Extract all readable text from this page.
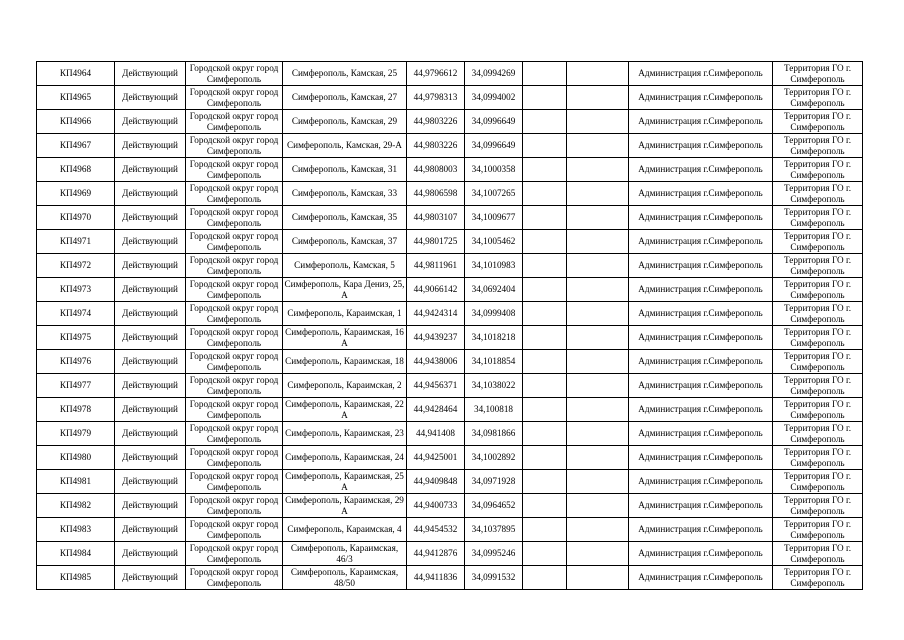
КП4964	Действующий	Городской округ город Симферополь	Симферополь, Камская, 25	44,9796612	34,0994269			Администрация г.Симферополь	Территория ГО г. Симферополь
КП4965	Действующий	Городской округ город Симферополь	Симферополь, Камская, 27	44,9798313	34,0994002			Администрация г.Симферополь	Территория ГО г. Симферополь
КП4966	Действующий	Городской округ город Симферополь	Симферополь, Камская, 29	44,9803226	34,0996649			Администрация г.Симферополь	Территория ГО г. Симферополь
КП4967	Действующий	Городской округ город Симферополь	Симферополь, Камская, 29-А	44,9803226	34,0996649			Администрация г.Симферополь	Территория ГО г. Симферополь
КП4968	Действующий	Городской округ город Симферополь	Симферополь, Камская, 31	44,9808003	34,1000358			Администрация г.Симферополь	Территория ГО г. Симферополь
КП4969	Действующий	Городской округ город Симферополь	Симферополь, Камская, 33	44,9806598	34,1007265			Администрация г.Симферополь	Территория ГО г. Симферополь
КП4970	Действующий	Городской округ город Симферополь	Симферополь, Камская, 35	44,9803107	34,1009677			Администрация г.Симферополь	Территория ГО г. Симферополь
КП4971	Действующий	Городской округ город Симферополь	Симферополь, Камская, 37	44,9801725	34,1005462			Администрация г.Симферополь	Территория ГО г. Симферополь
КП4972	Действующий	Городской округ город Симферополь	Симферополь, Камская, 5	44,9811961	34,1010983			Администрация г.Симферополь	Территория ГО г. Симферополь
КП4973	Действующий	Городской округ город Симферополь	Симферополь, Кара Дениз, 25, А	44,9066142	34,0692404			Администрация г.Симферополь	Территория ГО г. Симферополь
КП4974	Действующий	Городской округ город Симферополь	Симферополь, Караимская, 1	44,9424314	34,0999408			Администрация г.Симферополь	Территория ГО г. Симферополь
КП4975	Действующий	Городской округ город Симферополь	Симферополь, Караимская, 16 А	44,9439237	34,1018218			Администрация г.Симферополь	Территория ГО г. Симферополь
КП4976	Действующий	Городской округ город Симферополь	Симферополь, Караимская, 18	44,9438006	34,1018854			Администрация г.Симферополь	Территория ГО г. Симферополь
КП4977	Действующий	Городской округ город Симферополь	Симферополь, Караимская, 2	44,9456371	34,1038022			Администрация г.Симферополь	Территория ГО г. Симферополь
КП4978	Действующий	Городской округ город Симферополь	Симферополь, Караимская, 22 А	44,9428464	34,100818			Администрация г.Симферополь	Территория ГО г. Симферополь
КП4979	Действующий	Городской округ город Симферополь	Симферополь, Караимская, 23	44,941408	34,0981866			Администрация г.Симферополь	Территория ГО г. Симферополь
КП4980	Действующий	Городской округ город Симферополь	Симферополь, Караимская, 24	44,9425001	34,1002892			Администрация г.Симферополь	Территория ГО г. Симферополь
КП4981	Действующий	Городской округ город Симферополь	Симферополь, Караимская, 25 А	44,9409848	34,0971928			Администрация г.Симферополь	Территория ГО г. Симферополь
КП4982	Действующий	Городской округ город Симферополь	Симферополь, Караимская, 29 А	44,9400733	34,0964652			Администрация г.Симферополь	Территория ГО г. Симферополь
КП4983	Действующий	Городской округ город Симферополь	Симферополь, Караимская, 4	44,9454532	34,1037895			Администрация г.Симферополь	Территория ГО г. Симферополь
КП4984	Действующий	Городской округ город Симферополь	Симферополь, Караимская, 46/3	44,9412876	34,0995246			Администрация г.Симферополь	Территория ГО г. Симферополь
КП4985	Действующий	Городской округ город Симферополь	Симферополь, Караимская, 48/50	44,9411836	34,0991532			Администрация г.Симферополь	Территория ГО г. Симферополь
